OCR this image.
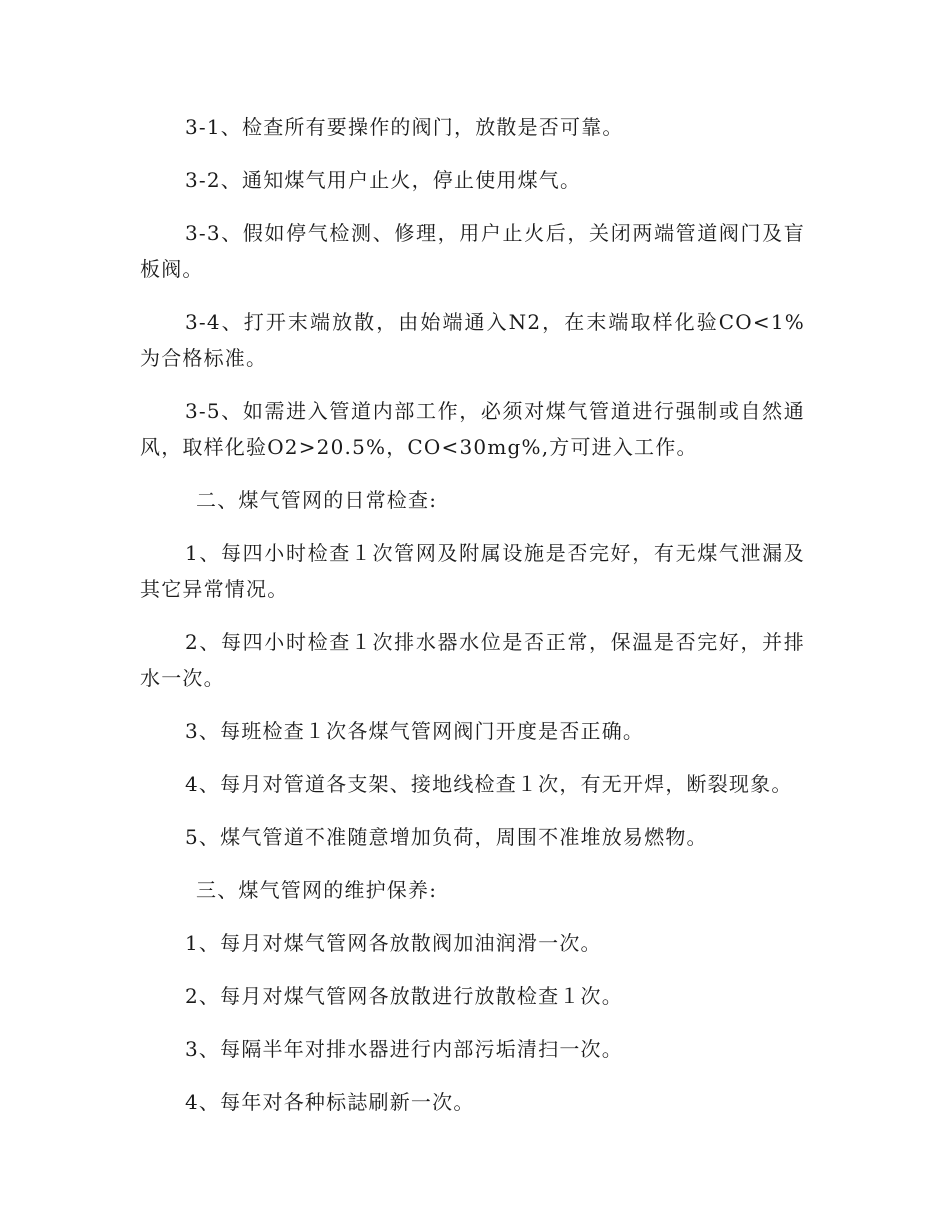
3-1、检查所有要操作的阀门，放散是否可靠。

3-2、通知煤气用户止火，停止使用煤气。

3-3、假如停气检测、修理，用户止火后，关闭两端管道阀门及盲板阀。

3-4、打开末端放散，由始端通入N2，在末端取样化验CO<1%为合格标准。

3-5、如需进入管道内部工作，必须对煤气管道进行强制或自然通风，取样化验O2>20.5%，CO<30mg%,方可进入工作。

二、煤气管网的日常检查:

1、每四小时检查１次管网及附属设施是否完好，有无煤气泄漏及其它异常情况。

2、每四小时检查１次排水器水位是否正常，保温是否完好，并排水一次。

3、每班检查１次各煤气管网阀门开度是否正确。

4、每月对管道各支架、接地线检查１次，有无开焊，断裂现象。

5、煤气管道不准随意增加负荷，周围不准堆放易燃物。

三、煤气管网的维护保养:

1、每月对煤气管网各放散阀加油润滑一次。

2、每月对煤气管网各放散进行放散检查１次。

3、每隔半年对排水器进行内部污垢清扫一次。

4、每年对各种标誌刷新一次。
